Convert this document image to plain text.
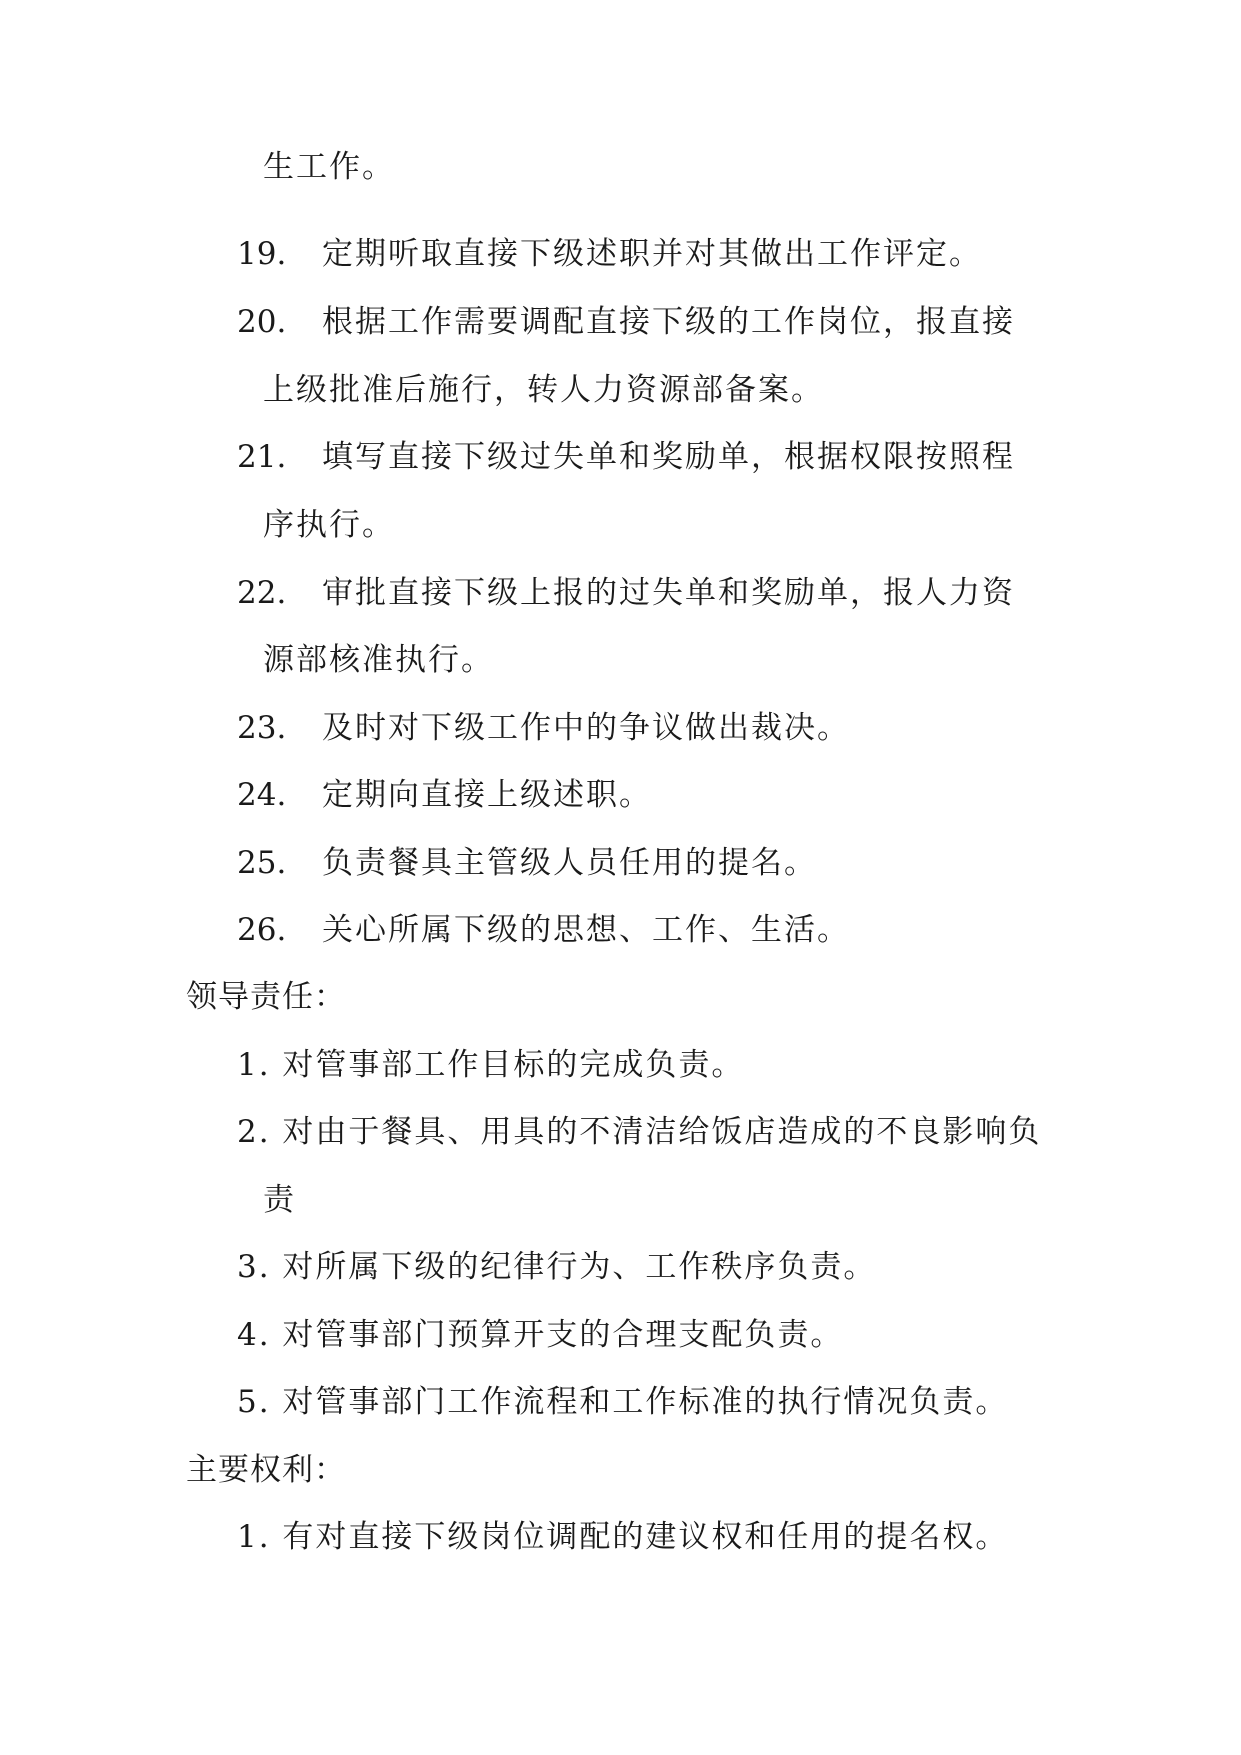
生工作。
19. 定期听取直接下级述职并对其做出工作评定。
20. 根据工作需要调配直接下级的工作岗位，报直接
上级批准后施行，转人力资源部备案。
21. 填写直接下级过失单和奖励单，根据权限按照程
序执行。
22. 审批直接下级上报的过失单和奖励单，报人力资
源部核准执行。
23. 及时对下级工作中的争议做出裁决。
24. 定期向直接上级述职。
25. 负责餐具主管级人员任用的提名。
26. 关心所属下级的思想、工作、生活。
领导责任：
1. 对管事部工作目标的完成负责。
2. 对由于餐具、用具的不清洁给饭店造成的不良影响负
责
3. 对所属下级的纪律行为、工作秩序负责。
4. 对管事部门预算开支的合理支配负责。
5. 对管事部门工作流程和工作标准的执行情况负责。
主要权利：
1. 有对直接下级岗位调配的建议权和任用的提名权。
